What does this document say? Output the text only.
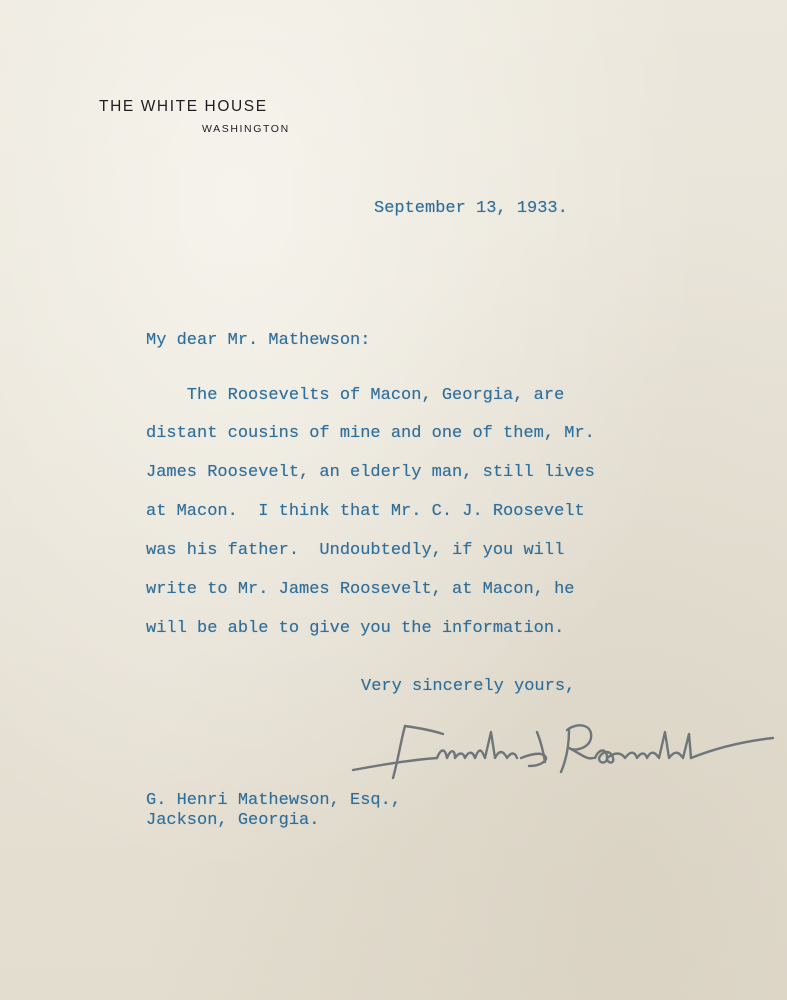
THE WHITE HOUSE
WASHINGTON
September 13, 1933.
My dear Mr. Mathewson:
The Roosevelts of Macon, Georgia, are
distant cousins of mine and one of them, Mr.
James Roosevelt, an elderly man, still lives
at Macon.  I think that Mr. C. J. Roosevelt
was his father.  Undoubtedly, if you will
write to Mr. James Roosevelt, at Macon, he
will be able to give you the information.
Very sincerely yours,
G. Henri Mathewson, Esq.,
Jackson, Georgia.
